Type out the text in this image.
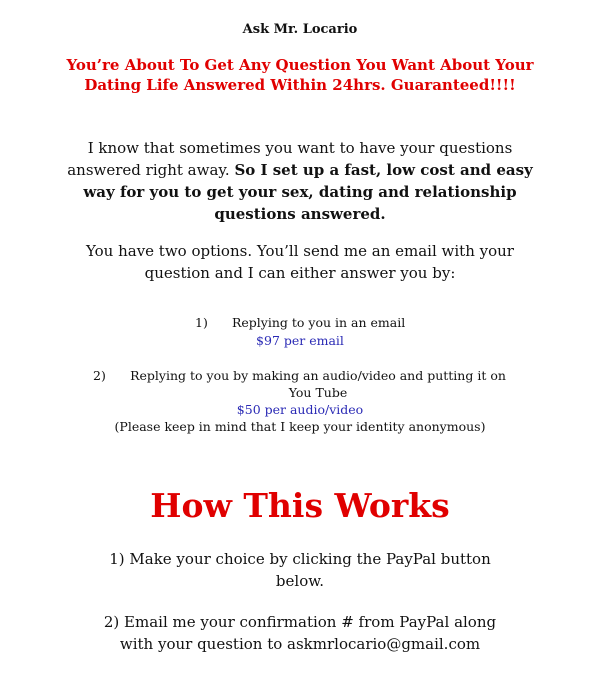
Ask Mr. Locario
You’re About To Get Any Question You Want About Your Dating Life Answered Within 24hrs. Guaranteed!!!!
I know that sometimes you want to have your questions answered right away. So I set up a fast, low cost and easy way for you to get your sex, dating and relationship questions answered.
You have two options. You’ll send me an email with your question and I can either answer you by:
1) Replying to you in an email
$97 per email
2) Replying to you by making an audio/video and putting it on You Tube
$50 per audio/video
(Please keep in mind that I keep your identity anonymous)
How This Works
1) Make your choice by clicking the PayPal button below.
2) Email me your confirmation # from PayPal along with your question to askmrlocario@gmail.com
